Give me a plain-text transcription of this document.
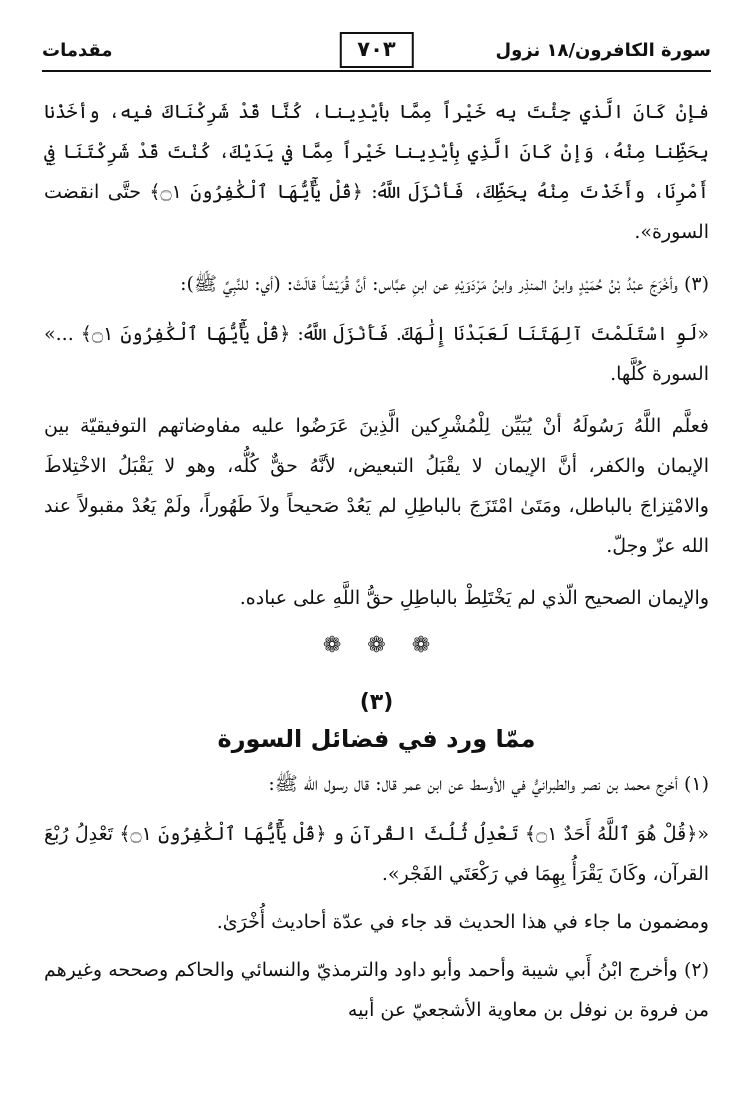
سورة الكافرون/١٨ نزول
٧٠٣
مقدمات

فإنْ كَانَ الَّذي جِئْتَ بِه خَيْراً مِمَّا بأيْدِينا، كُنَّا قَدْ شَرِكْنَاكَ فيه، وأخَذْنا بِحَظِّنا مِنْهُ، وَإنْ كَانَ الَّذِي بِأيْدِينا خَيْراً مِمَّا في يَدَيْكَ، كُنْتَ قَدْ شَرِكْتَنَا فِي أَمْرِنَا، وأَخَذْتَ مِنْهُ بِحَظِّكَ، فَأنْزَلَ اللَّهُ: ﴿قُلْ يَٰٓأَيُّهَا ٱلْكَٰفِرُونَ ۝١﴾ حتَّى انقضت السورة».

(٣) وأخْرَجَ عبْدُ بْنُ حُمَيْدٍ وابنُ المنذِر وابنُ مَرْدَوَيْهِ عن ابنِ عبَّاس: أنَّ قُرَيْشاً قالَتْ: (أي: للنَّبِيِّ ﷺ):

«لَوِ اسْتَلَمْتَ آلِهَتَنَا لَعَبَدْنَا إِلَٰهَكَ. فَأَنْزَلَ اللَّهُ: ﴿قُلْ يَٰٓأَيُّهَا ٱلْكَٰفِرُونَ ۝١﴾ ...» السورة كُلَّها.

فعلَّم اللَّهُ رَسُولَهُ أنْ يُبَيِّن لِلْمُشْرِكين الَّذِينَ عَرَضُوا عليه مفاوضاتهم التوفيقيّة بين الإيمان والكفر، أنَّ الإيمان لا يقْبَلُ التبعيض، لأنَّهُ حقٌّ كُلُّه، وهو لا يَقْبَلُ الاخْتِلاطَ والامْتِزاجَ بالباطل، ومَتَىٰ امْتَزَجَ بالباطِلِ لم يَعُدْ صَحيحاً ولاَ طَهُوراً، ولَمْ يَعُدْ مقبولاً عند الله عزّ وجلّ.

والإيمان الصحيح الّذي لم يَخْتَلِطْ بالباطِلِ حقُّ اللَّهِ على عباده.

❁
❁
❁
(٣)
ممّا ورد في فضائل السورة

(١) أخرج محمد بن نصر والطبرانيُّ في الأوسط عن ابن عمر قال: قال رسول الله ﷺ:

«﴿قُلْ هُوَ ٱللَّهُ أَحَدٌ ۝١﴾ تَعْدِلُ ثُلُثَ القُرآنَ و ﴿قُلْ يَٰٓأَيُّهَا ٱلْكَٰفِرُونَ ۝١﴾ تَعْدِلُ رُبْعَ القرآن، وكَانَ يَقْرَأُ بِهِمَا في رَكْعَتَي الفَجْر».

ومضمون ما جاء في هذا الحديث قد جاء في عدّة أحاديث أُخْرَىٰ.

(٢) وأخرج ابْنُ أَبي شيبة وأحمد وأبو داود والترمذيّ والنسائي والحاكم وصححه وغيرهم من فروة بن نوفل بن معاوية الأشجعيّ عن أبيه
